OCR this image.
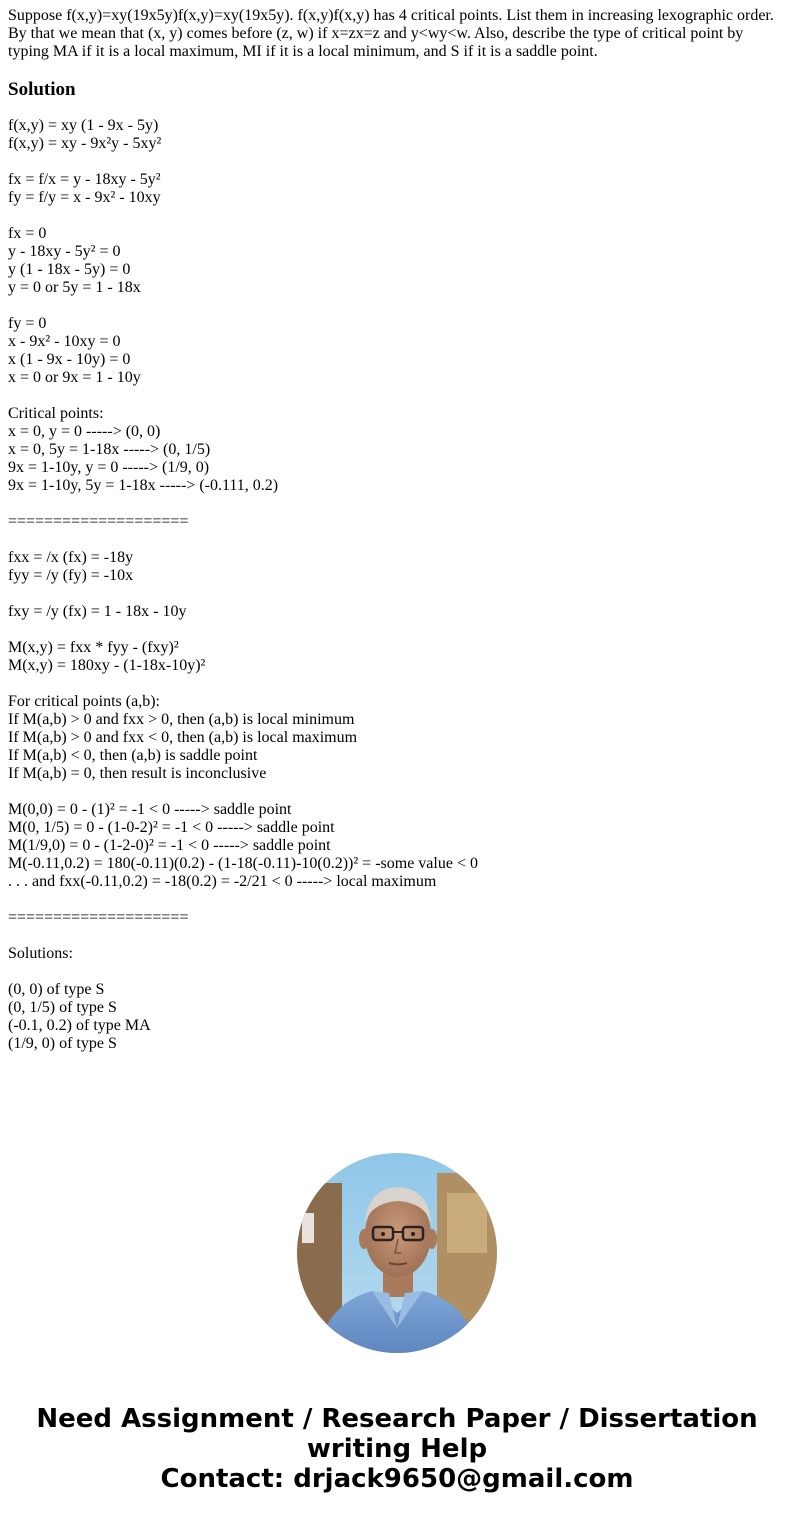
Suppose f(x,y)=xy(19x5y)f(x,y)=xy(19x5y). f(x,y)f(x,y) has 4 critical points. List them in increasing lexographic order. By that we mean that (x, y) comes before (z, w) if x=zx=z and y<wy<w. Also, describe the type of critical point by typing MA if it is a local maximum, MI if it is a local minimum, and S if it is a saddle point.

Solution
f(x,y) = xy (1 - 9x - 5y)
f(x,y) = xy - 9x²y - 5xy²
fx = f/x = y - 18xy - 5y²
fy = f/y = x - 9x² - 10xy
fx = 0
y - 18xy - 5y² = 0
y (1 - 18x - 5y) = 0
y = 0 or 5y = 1 - 18x
fy = 0
x - 9x² - 10xy = 0
x (1 - 9x - 10y) = 0
x = 0 or 9x = 1 - 10y
Critical points:
x = 0, y = 0 -----> (0, 0)
x = 0, 5y = 1-18x -----> (0, 1/5)
9x = 1-10y, y = 0 -----> (1/9, 0)
9x = 1-10y, 5y = 1-18x -----> (-0.111, 0.2)
====================
fxx = /x (fx) = -18y
fyy = /y (fy) = -10x
fxy = /y (fx) = 1 - 18x - 10y
M(x,y) = fxx * fyy - (fxy)²
M(x,y) = 180xy - (1-18x-10y)²
For critical points (a,b):
If M(a,b) > 0 and fxx > 0, then (a,b) is local minimum
If M(a,b) > 0 and fxx < 0, then (a,b) is local maximum
If M(a,b) < 0, then (a,b) is saddle point
If M(a,b) = 0, then result is inconclusive
M(0,0) = 0 - (1)² = -1 < 0 -----> saddle point
M(0, 1/5) = 0 - (1-0-2)² = -1 < 0 -----> saddle point
M(1/9,0) = 0 - (1-2-0)² = -1 < 0 -----> saddle point
M(-0.11,0.2) = 180(-0.11)(0.2) - (1-18(-0.11)-10(0.2))² = -some value < 0
. . . and fxx(-0.11,0.2) = -18(0.2) = -2/21 < 0 -----> local maximum
====================
Solutions:
(0, 0) of type S
(0, 1/5) of type S
(-0.1, 0.2) of type MA
(1/9, 0) of type S
Need Assignment / Research Paper / Dissertation
writing Help
Contact: drjack9650@gmail.com
